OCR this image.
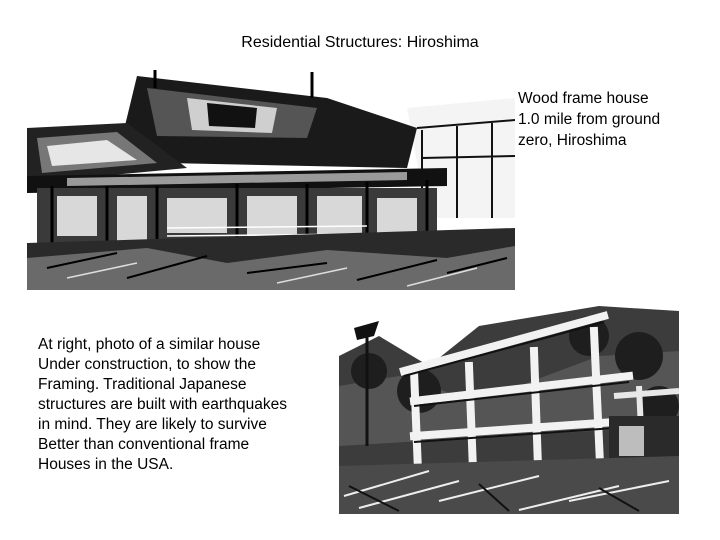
Residential Structures: Hiroshima
Wood frame house
1.0 mile from ground
zero, Hiroshima
At right, photo of a similar house
Under construction, to show the
Framing. Traditional Japanese
structures are built with earthquakes
in mind. They are likely to survive
Better than conventional frame
Houses in the USA.
